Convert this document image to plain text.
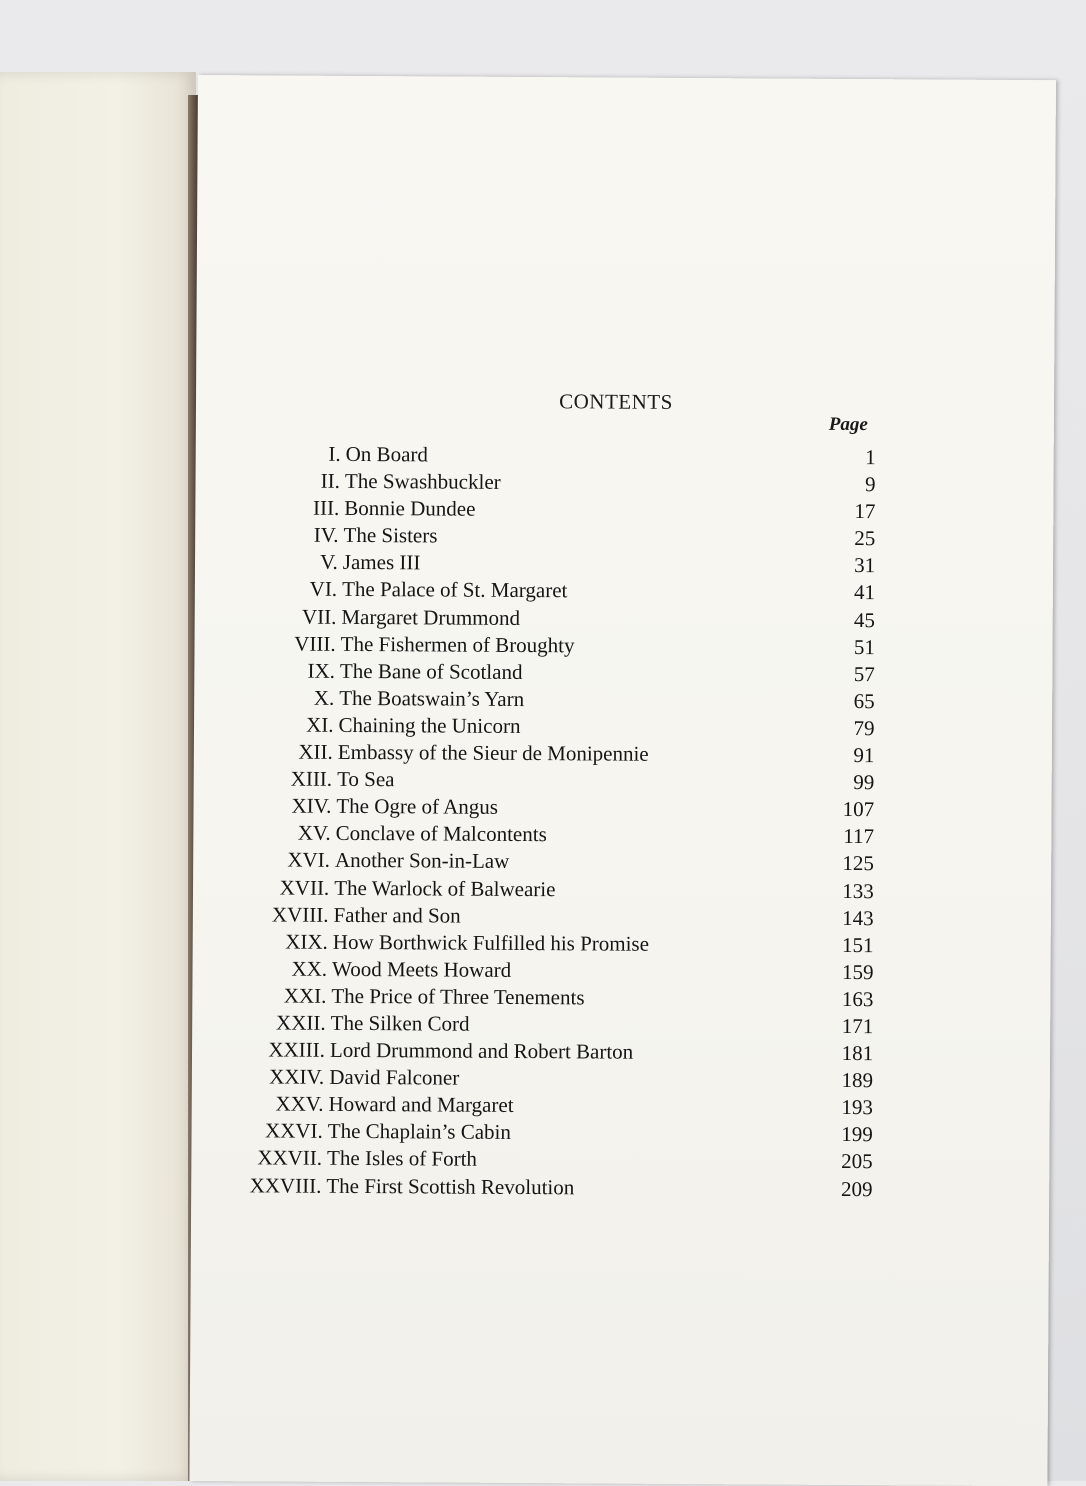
CONTENTS
Page
I. On Board	1
II. The Swashbuckler	9
III. Bonnie Dundee	17
IV. The Sisters	25
V. James III	31
VI. The Palace of St. Margaret	41
VII. Margaret Drummond	45
VIII. The Fishermen of Broughty	51
IX. The Bane of Scotland	57
X. The Boatswain’s Yarn	65
XI. Chaining the Unicorn	79
XII. Embassy of the Sieur de Monipennie	91
XIII. To Sea	99
XIV. The Ogre of Angus	107
XV. Conclave of Malcontents	117
XVI. Another Son-in-Law	125
XVII. The Warlock of Balwearie	133
XVIII. Father and Son	143
XIX. How Borthwick Fulfilled his Promise	151
XX. Wood Meets Howard	159
XXI. The Price of Three Tenements	163
XXII. The Silken Cord	171
XXIII. Lord Drummond and Robert Barton	181
XXIV. David Falconer	189
XXV. Howard and Margaret	193
XXVI. The Chaplain’s Cabin	199
XXVII. The Isles of Forth	205
XXVIII. The First Scottish Revolution	209
